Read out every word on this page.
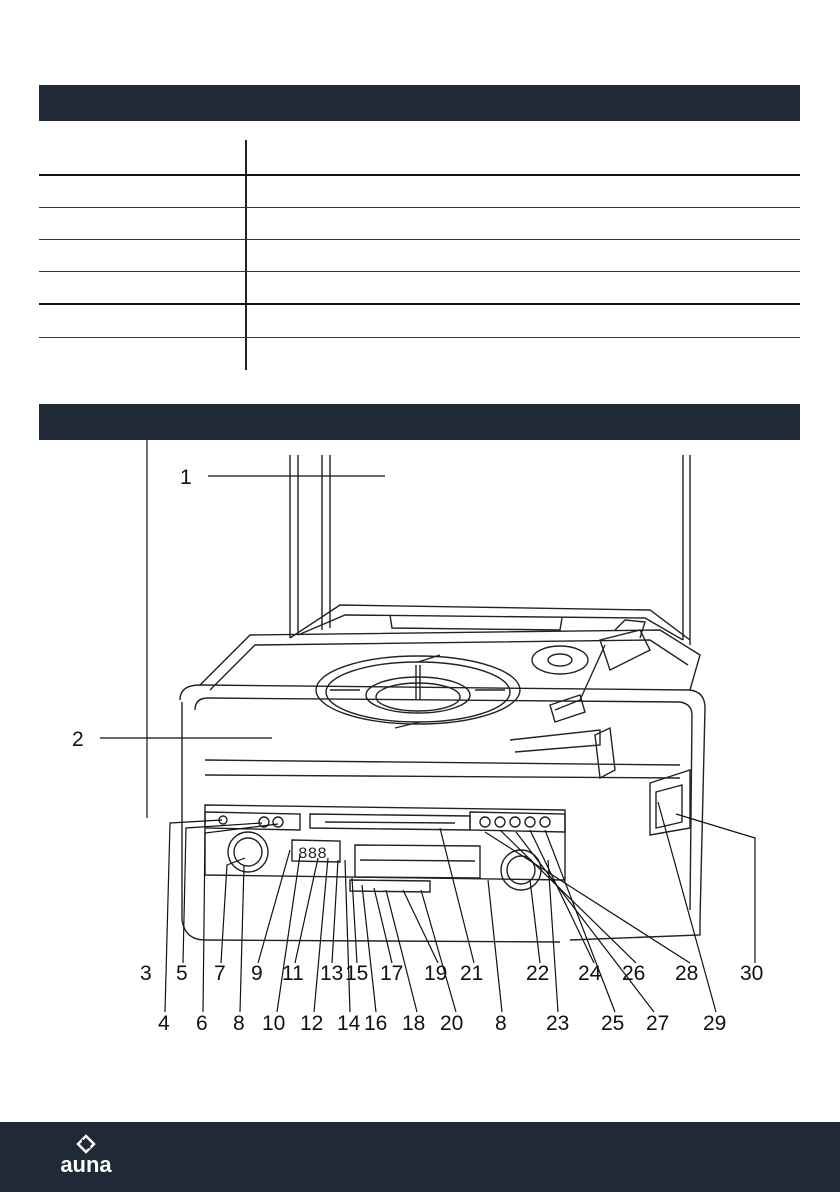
888
1
2
3 5 7 9 11 13 15 17 19 21 22 24 26 28 30
4 6 8 10 12 14 16 18 20 8 23 25 27 29
auna
